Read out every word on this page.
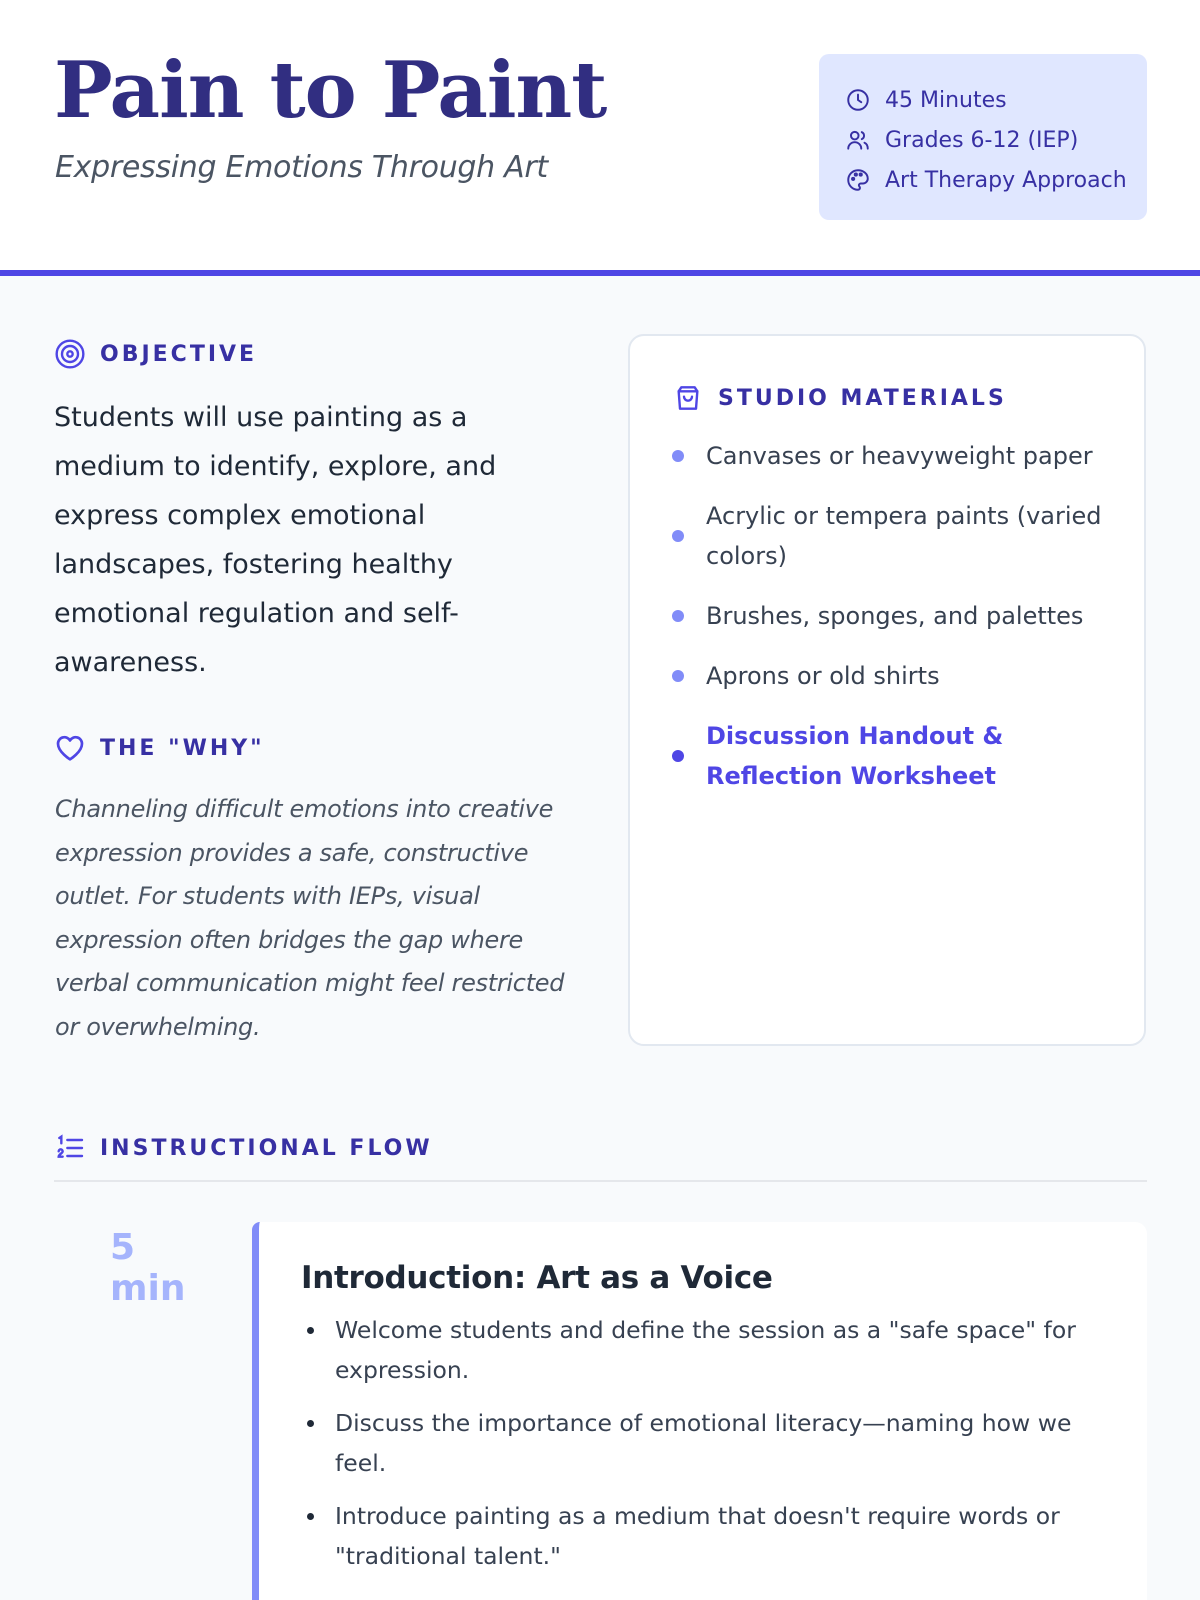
Pain to Paint
Expressing Emotions Through Art
45 Minutes
Grades 6-12 (IEP)
Art Therapy Approach
OBJECTIVE

Students will use painting as a medium to identify, explore, and express complex emotional landscapes, fostering healthy emotional regulation and self-awareness.

THE "WHY"

Channeling difficult emotions into creative expression provides a safe, constructive outlet. For students with IEPs, visual expression often bridges the gap where verbal communication might feel restricted or overwhelming.

STUDIO MATERIALS
Canvases or heavyweight paper
Acrylic or tempera paints (varied colors)
Brushes, sponges, and palettes
Aprons or old shirts
Discussion Handout & Reflection Worksheet
INSTRUCTIONAL FLOW
5 min	Introduction: Art as a Voice
Welcome students and define the session as a "safe space" for expression.
Discuss the importance of emotional literacy—naming how we feel.
Introduce painting as a medium that doesn't require words or "traditional talent."
